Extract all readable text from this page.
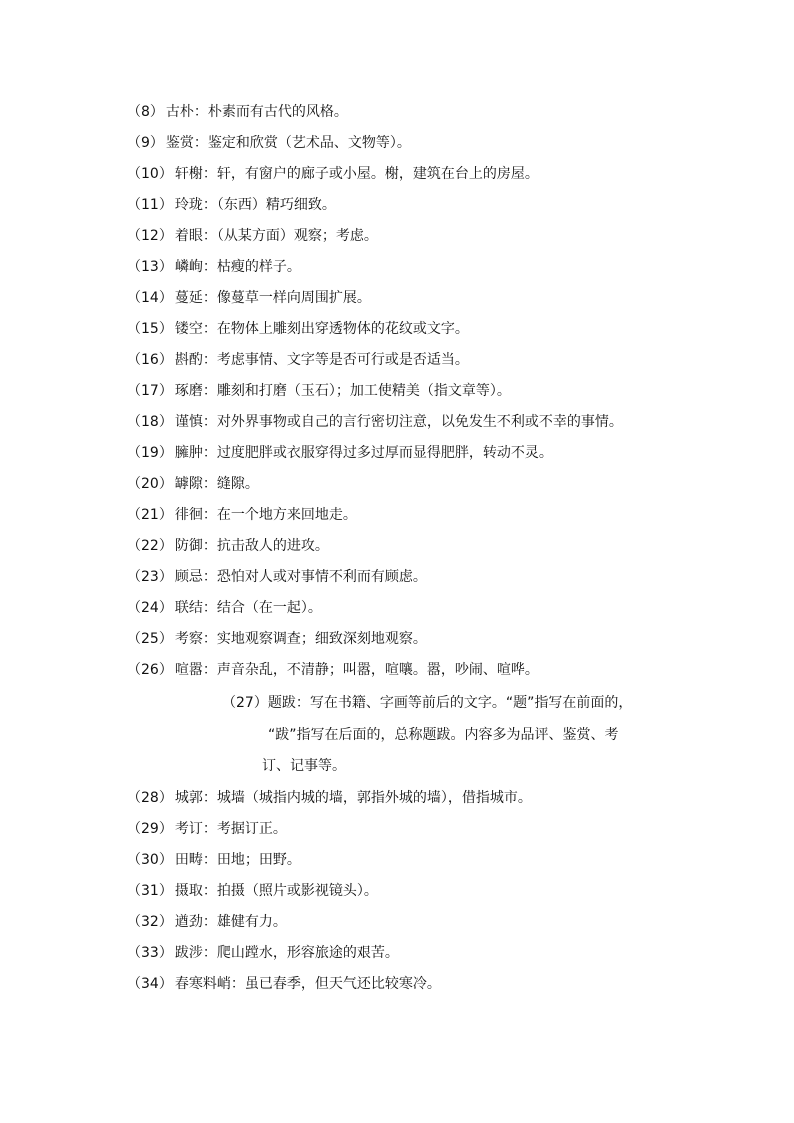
（8） 古朴：朴素而有古代的风格。
（9） 鉴赏：鉴定和欣赏（艺术品、文物等）。
（10） 轩榭：轩，有窗户的廊子或小屋。榭，建筑在台上的房屋。
（11） 玲珑：（东西）精巧细致。
（12） 着眼：（从某方面）观察；考虑。
（13） 嶙峋：枯瘦的样子。
（14） 蔓延：像蔓草一样向周围扩展。
（15） 镂空：在物体上雕刻出穿透物体的花纹或文字。
（16） 斟酌：考虑事情、文字等是否可行或是否适当。
（17） 琢磨：雕刻和打磨（玉石）；加工使精美（指文章等）。
（18） 谨慎：对外界事物或自己的言行密切注意，以免发生不利或不幸的事情。
（19） 臃肿：过度肥胖或衣服穿得过多过厚而显得肥胖，转动不灵。
（20） 罅隙：缝隙。
（21） 徘徊：在一个地方来回地走。
（22） 防御：抗击敌人的进攻。
（23） 顾忌：恐怕对人或对事情不利而有顾虑。
（24） 联结：结合（在一起）。
（25） 考察：实地观察调查；细致深刻地观察。
（26） 喧嚣：声音杂乱，不清静；叫嚣，喧嚷。嚣，吵闹、喧哗。
（27）题跋：写在书籍、字画等前后的文字。“题”指写在前面的，
“跋”指写在后面的，总称题跋。内容多为品评、鉴赏、考
订、记事等。
（28） 城郭：城墙（城指内城的墙，郭指外城的墙），借指城市。
（29） 考订：考据订正。
（30） 田畴：田地；田野。
（31） 摄取：拍摄（照片或影视镜头）。
（32） 遒劲：雄健有力。
（33） 跋涉：爬山蹚水，形容旅途的艰苦。
（34） 春寒料峭：虽已春季，但天气还比较寒冷。
